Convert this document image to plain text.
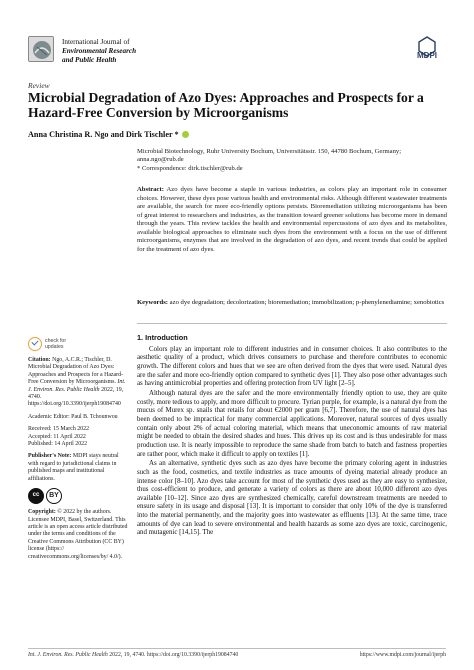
International Journal of
Environmental Research
and Public Health	MDPI
Review
Microbial Degradation of Azo Dyes: Approaches and Prospects for a Hazard-Free Conversion by Microorganisms
Anna Christina R. Ngo and Dirk Tischler *
Microbial Biotechnology, Ruhr University Bochum, Universitätsstr. 150, 44780 Bochum, Germany;
anna.ngo@rub.de
* Correspondence: dirk.tischler@rub.de
Abstract: Azo dyes have become a staple in various industries, as colors play an important role in consumer choices. However, these dyes pose various health and environmental risks. Although different wastewater treatments are available, the search for more eco-friendly options persists. Bioremediation utilizing microorganisms has been of great interest to researchers and industries, as the transition toward greener solutions has become more in demand through the years. This review tackles the health and environmental repercussions of azo dyes and its metabolites, available biological approaches to eliminate such dyes from the environment with a focus on the use of different microorganisms, enzymes that are involved in the degradation of azo dyes, and recent trends that could be applied for the treatment of azo dyes.
Keywords: azo dye degradation; decolorization; bioremediation; immobilization; p-phenylenediamine; xenobiotics
check for
updates
Citation: Ngo, A.C.R.; Tischler, D. Microbial Degradation of Azo Dyes: Approaches and Prospects for a Hazard-Free Conversion by Microorganisms. Int. J. Environ. Res. Public Health 2022, 19, 4740. https://doi.org/10.3390/ijerph19084740
Academic Editor: Paul B. Tchounwou
Received: 15 March 2022
Accepted: 11 April 2022
Published: 14 April 2022
Publisher's Note: MDPI stays neutral with regard to jurisdictional claims in published maps and institutional affiliations.
cc	BY
Copyright: © 2022 by the authors. Licensee MDPI, Basel, Switzerland. This article is an open access article distributed under the terms and conditions of the Creative Commons Attribution (CC BY) license (https:// creativecommons.org/licenses/by/ 4.0/).
1. Introduction

Colors play an important role to different industries and in consumer choices. It also contributes to the aesthetic quality of a product, which drives consumers to purchase and therefore contributes to economic growth. The different colors and hues that we see are often derived from the dyes that were used. Natural dyes are the safer and more eco-friendly option compared to synthetic dyes [1]. They also pose other advantages such as having antimicrobial properties and offering protection from UV light [2–5].

Although natural dyes are the safer and the more environmentally friendly option to use, they are quite costly, more tedious to apply, and more difficult to procure. Tyrian purple, for example, is a natural dye from the mucus of Murex sp. snails that retails for about €2000 per gram [6,7]. Therefore, the use of natural dyes has been deemed to be impractical for many commercial applications. Moreover, natural sources of dyes usually contain only about 2% of actual coloring material, which means that uneconomic amounts of raw material might be needed to obtain the desired shades and hues. This drives up its cost and is thus undesirable for mass production use. It is nearly impossible to reproduce the same shade from batch to batch and fastness properties are rather poor, which make it difficult to apply on textiles [1].

As an alternative, synthetic dyes such as azo dyes have become the primary coloring agent in industries such as the food, cosmetics, and textile industries as trace amounts of dyeing material already produce an intense color [8–10]. Azo dyes take account for most of the synthetic dyes used as they are easy to synthesize, thus cost-efficient to produce, and generate a variety of colors as there are about 10,000 different azo dyes available [10–12]. Since azo dyes are synthesized chemically, careful downstream treatments are needed to ensure safety in its usage and disposal [13]. It is important to consider that only 10% of the dye is transferred into the material permanently, and the majority goes into wastewater as effluents [13]. At the same time, trace amounts of dye can lead to severe environmental and health hazards as some azo dyes are toxic, carcinogenic, and mutagenic [14,15]. The

Int. J. Environ. Res. Public Health 2022, 19, 4740. https://doi.org/10.3390/ijerph19084740	https://www.mdpi.com/journal/ijerph
